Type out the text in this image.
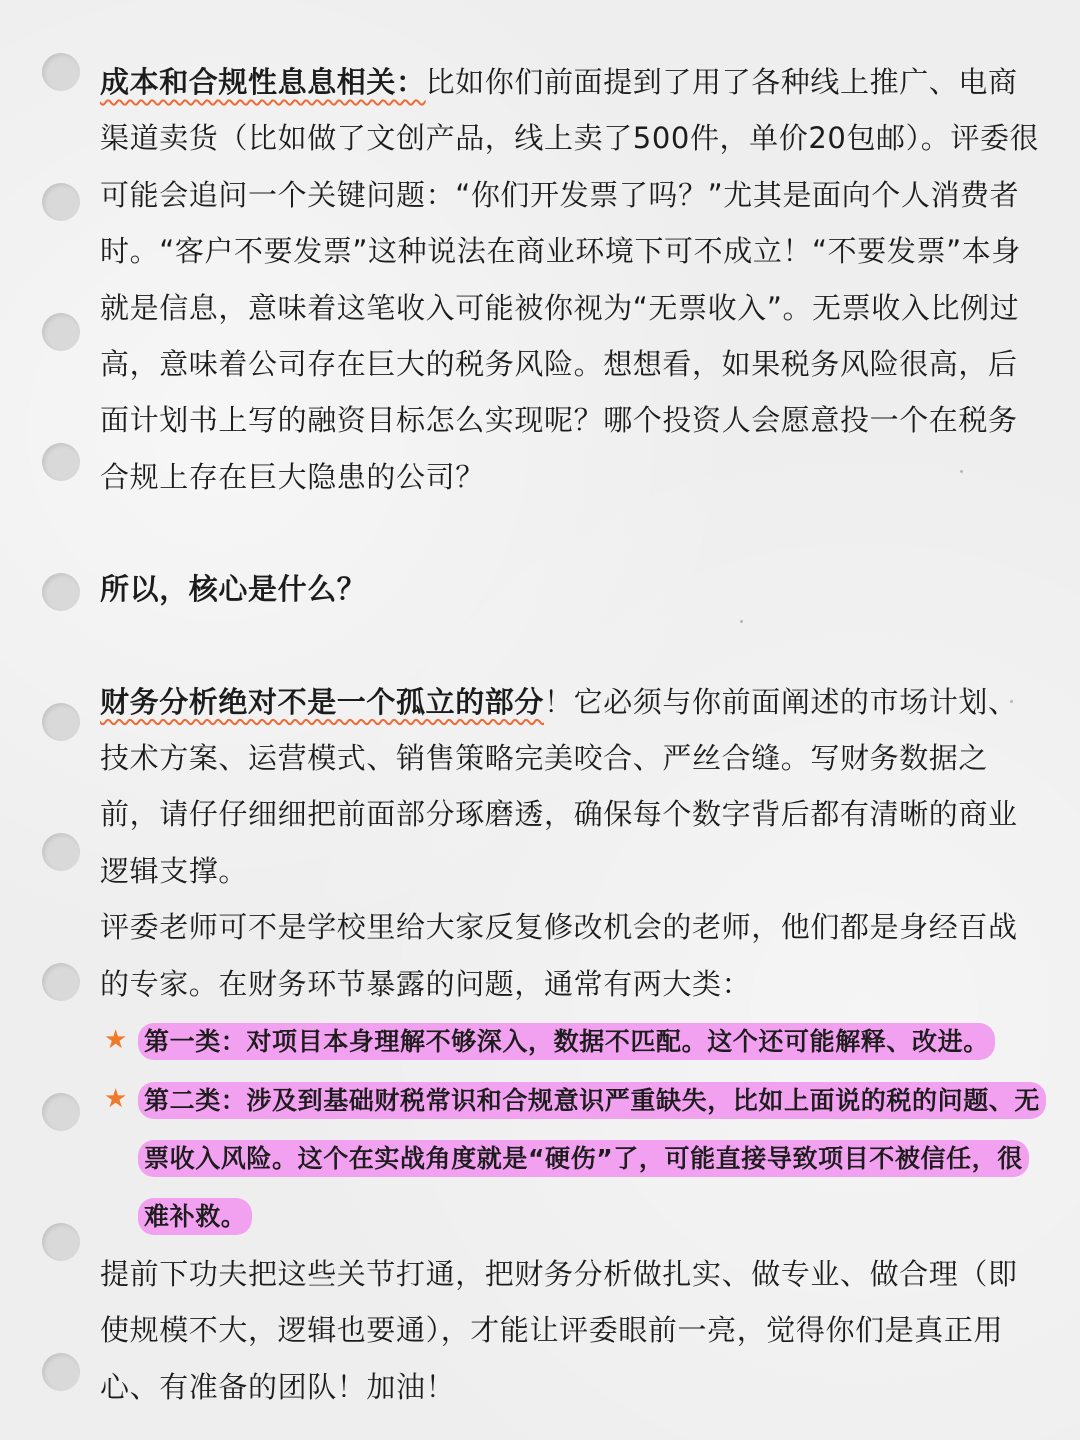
成本和合规性息息相关：比如你们前面提到了用了各种线上推广、电商渠道卖货（比如做了文创产品，线上卖了500件，单价20包邮）。评委很可能会追问一个关键问题：“你们开发票了吗？”尤其是面向个人消费者时。“客户不要发票”这种说法在商业环境下可不成立！“不要发票”本身就是信息，意味着这笔收入可能被你视为“无票收入”。无票收入比例过高，意味着公司存在巨大的税务风险。想想看，如果税务风险很高，后面计划书上写的融资目标怎么实现呢？哪个投资人会愿意投一个在税务合规上存在巨大隐患的公司？

所以，核心是什么？

财务分析绝对不是一个孤立的部分！它必须与你前面阐述的市场计划、技术方案、运营模式、销售策略完美咬合、严丝合缝。写财务数据之前，请仔仔细细把前面部分琢磨透，确保每个数字背后都有清晰的商业逻辑支撑。

评委老师可不是学校里给大家反复修改机会的老师，他们都是身经百战的专家。在财务环节暴露的问题，通常有两大类：

★ 第一类：对项目本身理解不够深入，数据不匹配。这个还可能解释、改进。
★ 第二类：涉及到基础财税常识和合规意识严重缺失，比如上面说的税的问题、无票收入风险。这个在实战角度就是“硬伤”了，可能直接导致项目不被信任，很难补救。

提前下功夫把这些关节打通，把财务分析做扎实、做专业、做合理（即使规模不大，逻辑也要通），才能让评委眼前一亮，觉得你们是真正用心、有准备的团队！加油！
